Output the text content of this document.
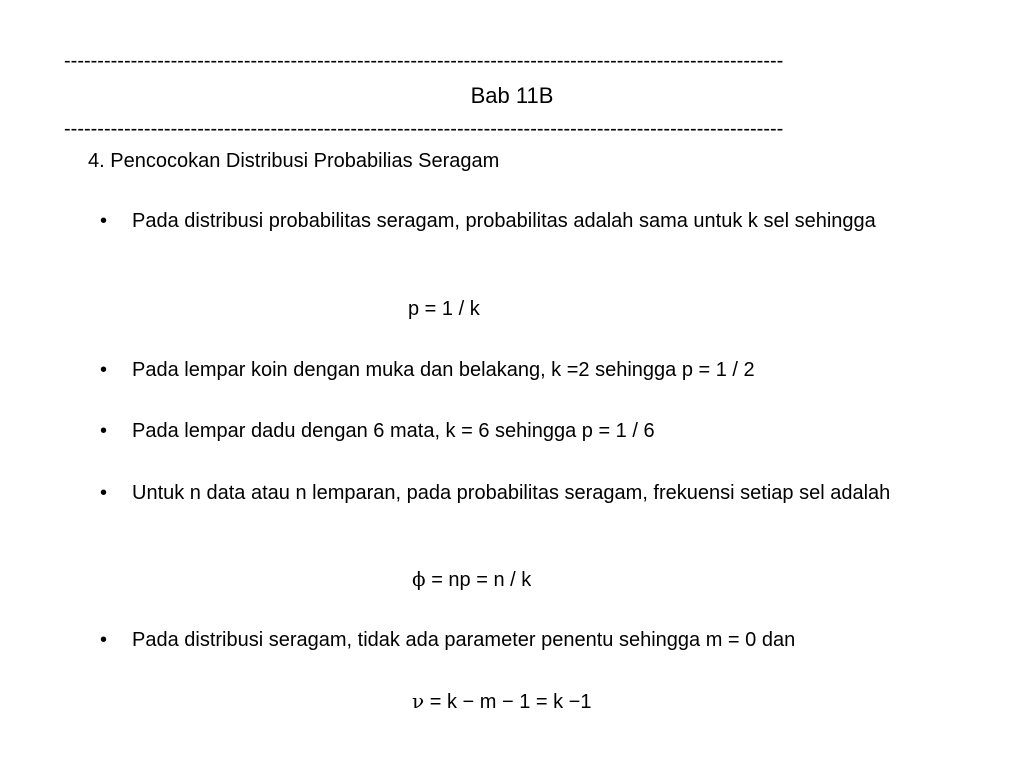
------------------------------------------------------------------------------------------------------------
Bab 11B
------------------------------------------------------------------------------------------------------------
4. Pencocokan Distribusi Probabilias Seragam
•	Pada distribusi probabilitas seragam, probabilitas adalah sama untuk k sel sehingga
p = 1 / k
•	Pada lempar koin dengan muka dan belakang, k =2 sehingga p = 1 / 2
•	Pada lempar dadu dengan 6 mata, k = 6 sehingga p = 1 / 6
•	Untuk n data atau n lemparan, pada probabilitas seragam, frekuensi setiap sel adalah
ϕ = np = n / k
•	Pada distribusi seragam, tidak ada parameter penentu sehingga m = 0 dan
ν = k − m − 1 = k −1
